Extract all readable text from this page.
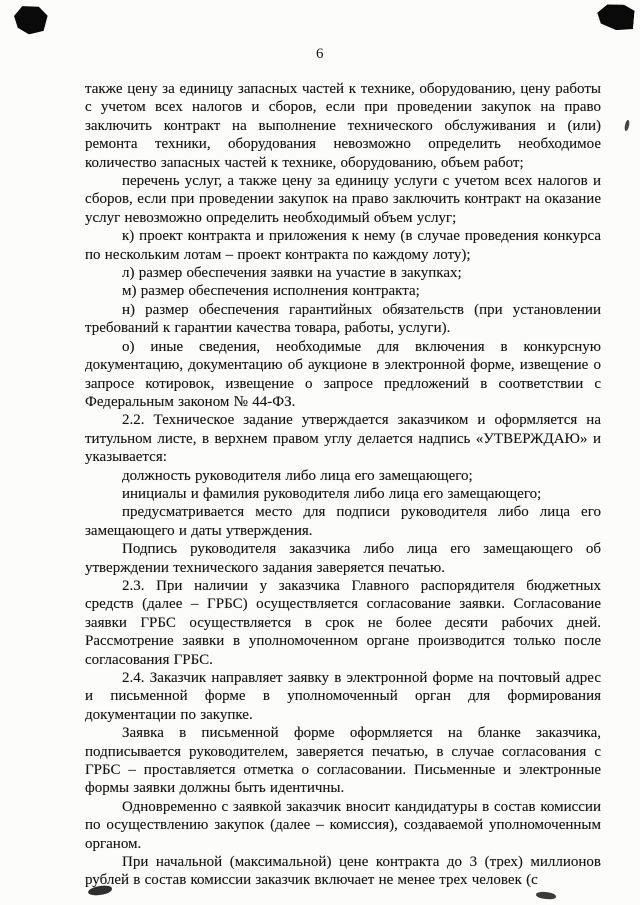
6

также цену за единицу запасных частей к технике, оборудованию, цену работы с учетом всех налогов и сборов, если при проведении закупок на право заключить контракт на выполнение технического обслуживания и (или) ремонта техники, оборудования невозможно определить необходимое количество запасных частей к технике, оборудованию, объем работ;

перечень услуг, а также цену за единицу услуги с учетом всех налогов и сборов, если при проведении закупок на право заключить контракт на оказание услуг невозможно определить необходимый объем услуг;

к) проект контракта и приложения к нему (в случае проведения конкурса по нескольким лотам – проект контракта по каждому лоту);

л) размер обеспечения заявки на участие в закупках;

м) размер обеспечения исполнения контракта;

н) размер обеспечения гарантийных обязательств (при установлении требований к гарантии качества товара, работы, услуги).

о) иные сведения, необходимые для включения в конкурсную документацию, документацию об аукционе в электронной форме, извещение о запросе котировок, извещение о запросе предложений в соответствии с Федеральным законом № 44-ФЗ.

2.2. Техническое задание утверждается заказчиком и оформляется на титульном листе, в верхнем правом углу делается надпись «УТВЕРЖДАЮ» и указывается:

должность руководителя либо лица его замещающего;

инициалы и фамилия руководителя либо лица его замещающего;

предусматривается место для подписи руководителя либо лица его замещающего и даты утверждения.

Подпись руководителя заказчика либо лица его замещающего об утверждении технического задания заверяется печатью.

2.3. При наличии у заказчика Главного распорядителя бюджетных средств (далее – ГРБС) осуществляется согласование заявки. Согласование заявки ГРБС осуществляется в срок не более десяти рабочих дней. Рассмотрение заявки в уполномоченном органе производится только после согласования ГРБС.

2.4. Заказчик направляет заявку в электронной форме на почтовый адрес и письменной форме в уполномоченный орган для формирования документации по закупке.

Заявка в письменной форме оформляется на бланке заказчика, подписывается руководителем, заверяется печатью, в случае согласования с ГРБС – проставляется отметка о согласовании. Письменные и электронные формы заявки должны быть идентичны.

Одновременно с заявкой заказчик вносит кандидатуры в состав комиссии по осуществлению закупок (далее – комиссия), создаваемой уполномоченным органом.

При начальной (максимальной) цене контракта до 3 (трех) миллионов рублей в состав комиссии заказчик включает не менее трех человек (с
